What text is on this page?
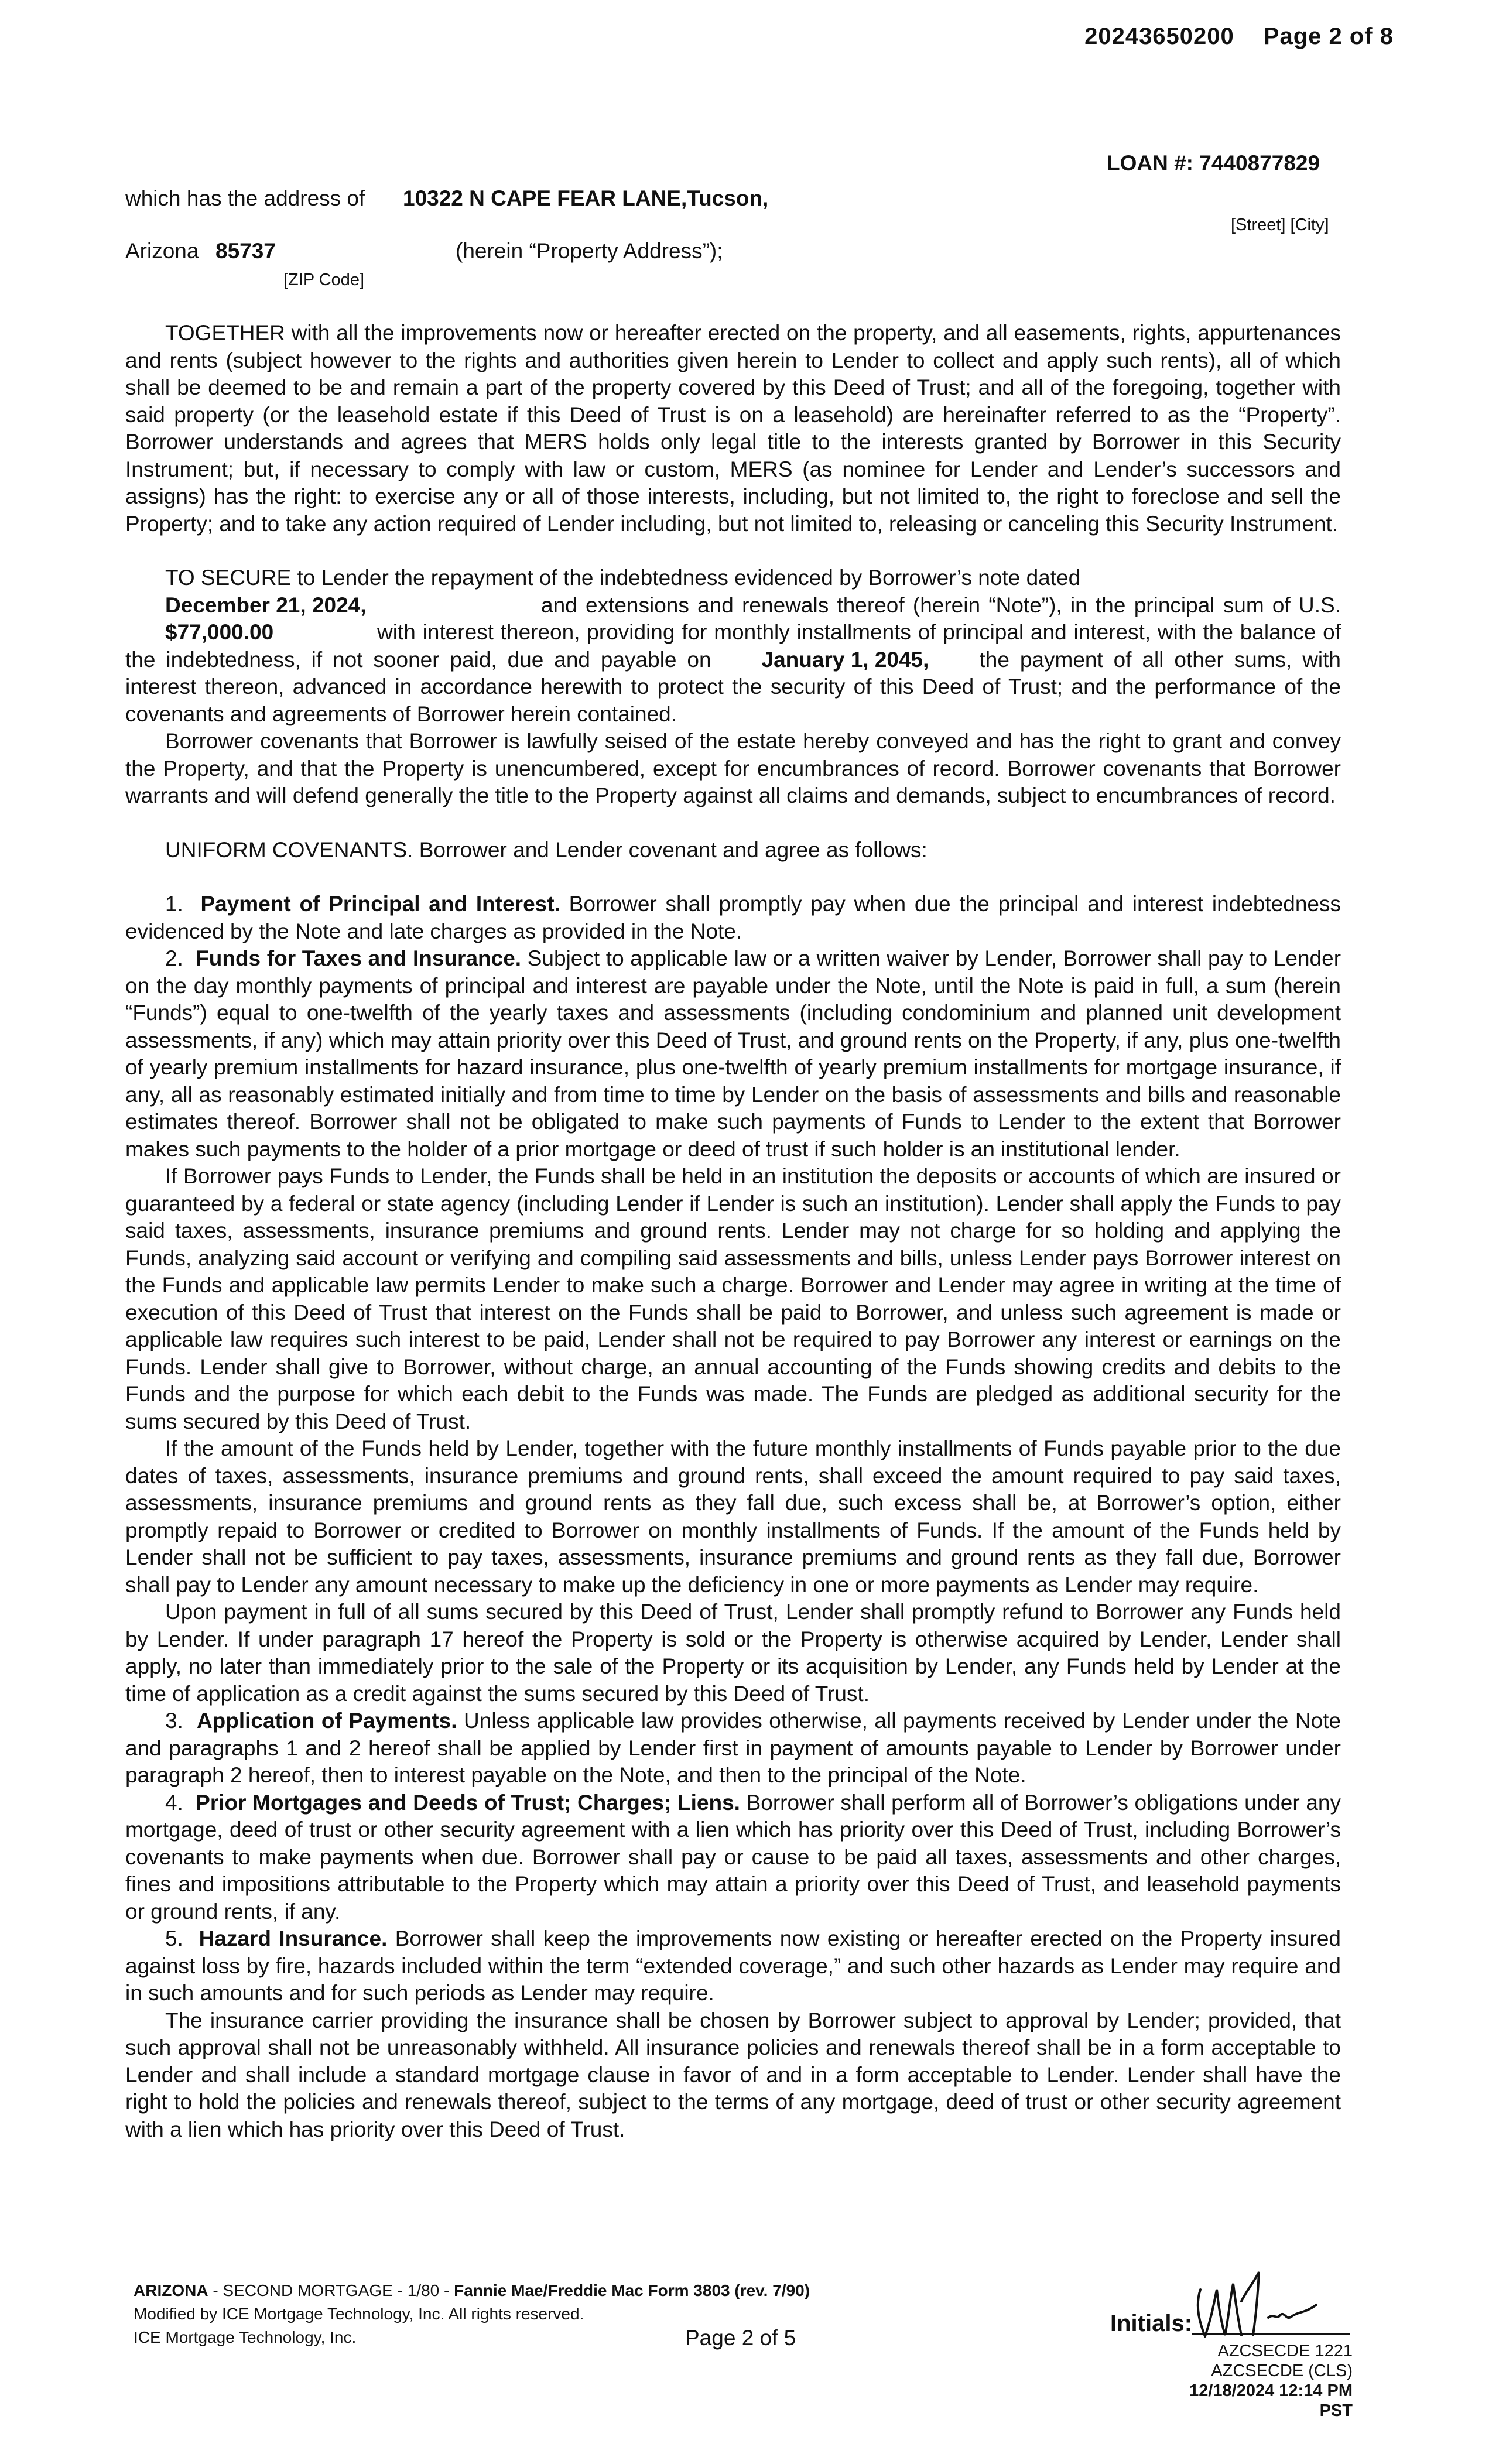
20243650200 Page 2 of 8
LOAN #: 7440877829
which has the address of 10322 N CAPE FEAR LANE,Tucson,
[Street] [City]
Arizona 85737	(herein “Property Address”);
[ZIP Code]

TOGETHER with all the improvements now or hereafter erected on the property, and all easements, rights, appurtenances and rents (subject however to the rights and authorities given herein to Lender to collect and apply such rents), all of which shall be deemed to be and remain a part of the property covered by this Deed of Trust; and all of the foregoing, together with said property (or the leasehold estate if this Deed of Trust is on a leasehold) are hereinafter referred to as the “Property”. Borrower understands and agrees that MERS holds only legal title to the interests granted by Borrower in this Security Instrument; but, if necessary to comply with law or custom, MERS (as nominee for Lender and Lender’s successors and assigns) has the right: to exercise any or all of those interests, including, but not limited to, the right to foreclose and sell the Property; and to take any action required of Lender including, but not limited to, releasing or canceling this Security Instrument.

TO SECURE to Lender the repayment of the indebtedness evidenced by Borrower’s note dated
December 21, 2024,	and extensions and renewals thereof (herein “Note”), in the principal sum of U.S. $77,000.00	with interest thereon, providing for monthly installments of principal and interest, with the balance of the indebtedness, if not sooner paid, due and payable on January 1, 2045, the payment of all other sums, with interest thereon, advanced in accordance herewith to protect the security of this Deed of Trust; and the performance of the covenants and agreements of Borrower herein contained.

Borrower covenants that Borrower is lawfully seised of the estate hereby conveyed and has the right to grant and convey the Property, and that the Property is unencumbered, except for encumbrances of record. Borrower covenants that Borrower warrants and will defend generally the title to the Property against all claims and demands, subject to encumbrances of record.

UNIFORM COVENANTS. Borrower and Lender covenant and agree as follows:

1. Payment of Principal and Interest. Borrower shall promptly pay when due the principal and interest indebtedness evidenced by the Note and late charges as provided in the Note.

2. Funds for Taxes and Insurance. Subject to applicable law or a written waiver by Lender, Borrower shall pay to Lender on the day monthly payments of principal and interest are payable under the Note, until the Note is paid in full, a sum (herein “Funds”) equal to one-twelfth of the yearly taxes and assessments (including condominium and planned unit development assessments, if any) which may attain priority over this Deed of Trust, and ground rents on the Property, if any, plus one-twelfth of yearly premium installments for hazard insurance, plus one-twelfth of yearly premium installments for mortgage insurance, if any, all as reasonably estimated initially and from time to time by Lender on the basis of assessments and bills and reasonable estimates thereof. Borrower shall not be obligated to make such payments of Funds to Lender to the extent that Borrower makes such payments to the holder of a prior mortgage or deed of trust if such holder is an institutional lender.

If Borrower pays Funds to Lender, the Funds shall be held in an institution the deposits or accounts of which are insured or guaranteed by a federal or state agency (including Lender if Lender is such an institution). Lender shall apply the Funds to pay said taxes, assessments, insurance premiums and ground rents. Lender may not charge for so holding and applying the Funds, analyzing said account or verifying and compiling said assessments and bills, unless Lender pays Borrower interest on the Funds and applicable law permits Lender to make such a charge. Borrower and Lender may agree in writing at the time of execution of this Deed of Trust that interest on the Funds shall be paid to Borrower, and unless such agreement is made or applicable law requires such interest to be paid, Lender shall not be required to pay Borrower any interest or earnings on the Funds. Lender shall give to Borrower, without charge, an annual accounting of the Funds showing credits and debits to the Funds and the purpose for which each debit to the Funds was made. The Funds are pledged as additional security for the sums secured by this Deed of Trust.

If the amount of the Funds held by Lender, together with the future monthly installments of Funds payable prior to the due dates of taxes, assessments, insurance premiums and ground rents, shall exceed the amount required to pay said taxes, assessments, insurance premiums and ground rents as they fall due, such excess shall be, at Borrower’s option, either promptly repaid to Borrower or credited to Borrower on monthly installments of Funds. If the amount of the Funds held by Lender shall not be sufficient to pay taxes, assessments, insurance premiums and ground rents as they fall due, Borrower shall pay to Lender any amount necessary to make up the deficiency in one or more payments as Lender may require.

Upon payment in full of all sums secured by this Deed of Trust, Lender shall promptly refund to Borrower any Funds held by Lender. If under paragraph 17 hereof the Property is sold or the Property is otherwise acquired by Lender, Lender shall apply, no later than immediately prior to the sale of the Property or its acquisition by Lender, any Funds held by Lender at the time of application as a credit against the sums secured by this Deed of Trust.

3. Application of Payments. Unless applicable law provides otherwise, all payments received by Lender under the Note and paragraphs 1 and 2 hereof shall be applied by Lender first in payment of amounts payable to Lender by Borrower under paragraph 2 hereof, then to interest payable on the Note, and then to the principal of the Note.

4. Prior Mortgages and Deeds of Trust; Charges; Liens. Borrower shall perform all of Borrower’s obligations under any mortgage, deed of trust or other security agreement with a lien which has priority over this Deed of Trust, including Borrower’s covenants to make payments when due. Borrower shall pay or cause to be paid all taxes, assessments and other charges, fines and impositions attributable to the Property which may attain a priority over this Deed of Trust, and leasehold payments or ground rents, if any.

5. Hazard Insurance. Borrower shall keep the improvements now existing or hereafter erected on the Property insured against loss by fire, hazards included within the term “extended coverage,” and such other hazards as Lender may require and in such amounts and for such periods as Lender may require.

The insurance carrier providing the insurance shall be chosen by Borrower subject to approval by Lender; provided, that such approval shall not be unreasonably withheld. All insurance policies and renewals thereof shall be in a form acceptable to Lender and shall include a standard mortgage clause in favor of and in a form acceptable to Lender. Lender shall have the right to hold the policies and renewals thereof, subject to the terms of any mortgage, deed of trust or other security agreement with a lien which has priority over this Deed of Trust.

ARIZONA - SECOND MORTGAGE - 1/80 - Fannie Mae/Freddie Mac Form 3803 (rev. 7/90)
Modified by ICE Mortgage Technology, Inc. All rights reserved.
ICE Mortgage Technology, Inc.	Page 2 of 5
Initials:
AZCSECDE 1221
AZCSECDE (CLS)
12/18/2024 12:14 PM PST
